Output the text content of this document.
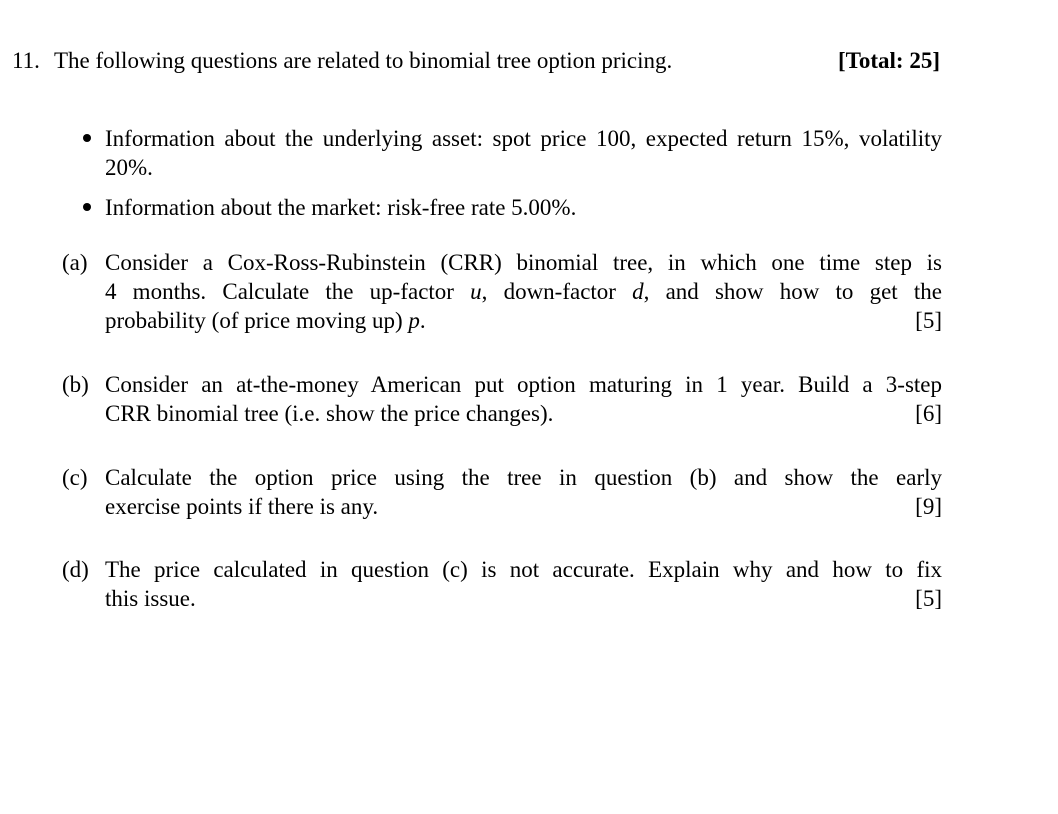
11. The following questions are related to binomial tree option pricing.	[Total: 25]
Information about the underlying asset: spot price 100, expected return 15%, volatility 20%.
Information about the market: risk-free rate 5.00%.
(a) Consider a Cox-Ross-Rubinstein (CRR) binomial tree, in which one time step is
4 months. Calculate the up-factor u, down-factor d, and show how to get the
probability (of price moving up) p.	[5]
(b) Consider an at-the-money American put option maturing in 1 year. Build a 3-step
CRR binomial tree (i.e. show the price changes).	[6]
(c) Calculate the option price using the tree in question (b) and show the early
exercise points if there is any.	[9]
(d) The price calculated in question (c) is not accurate. Explain why and how to fix
this issue.	[5]
